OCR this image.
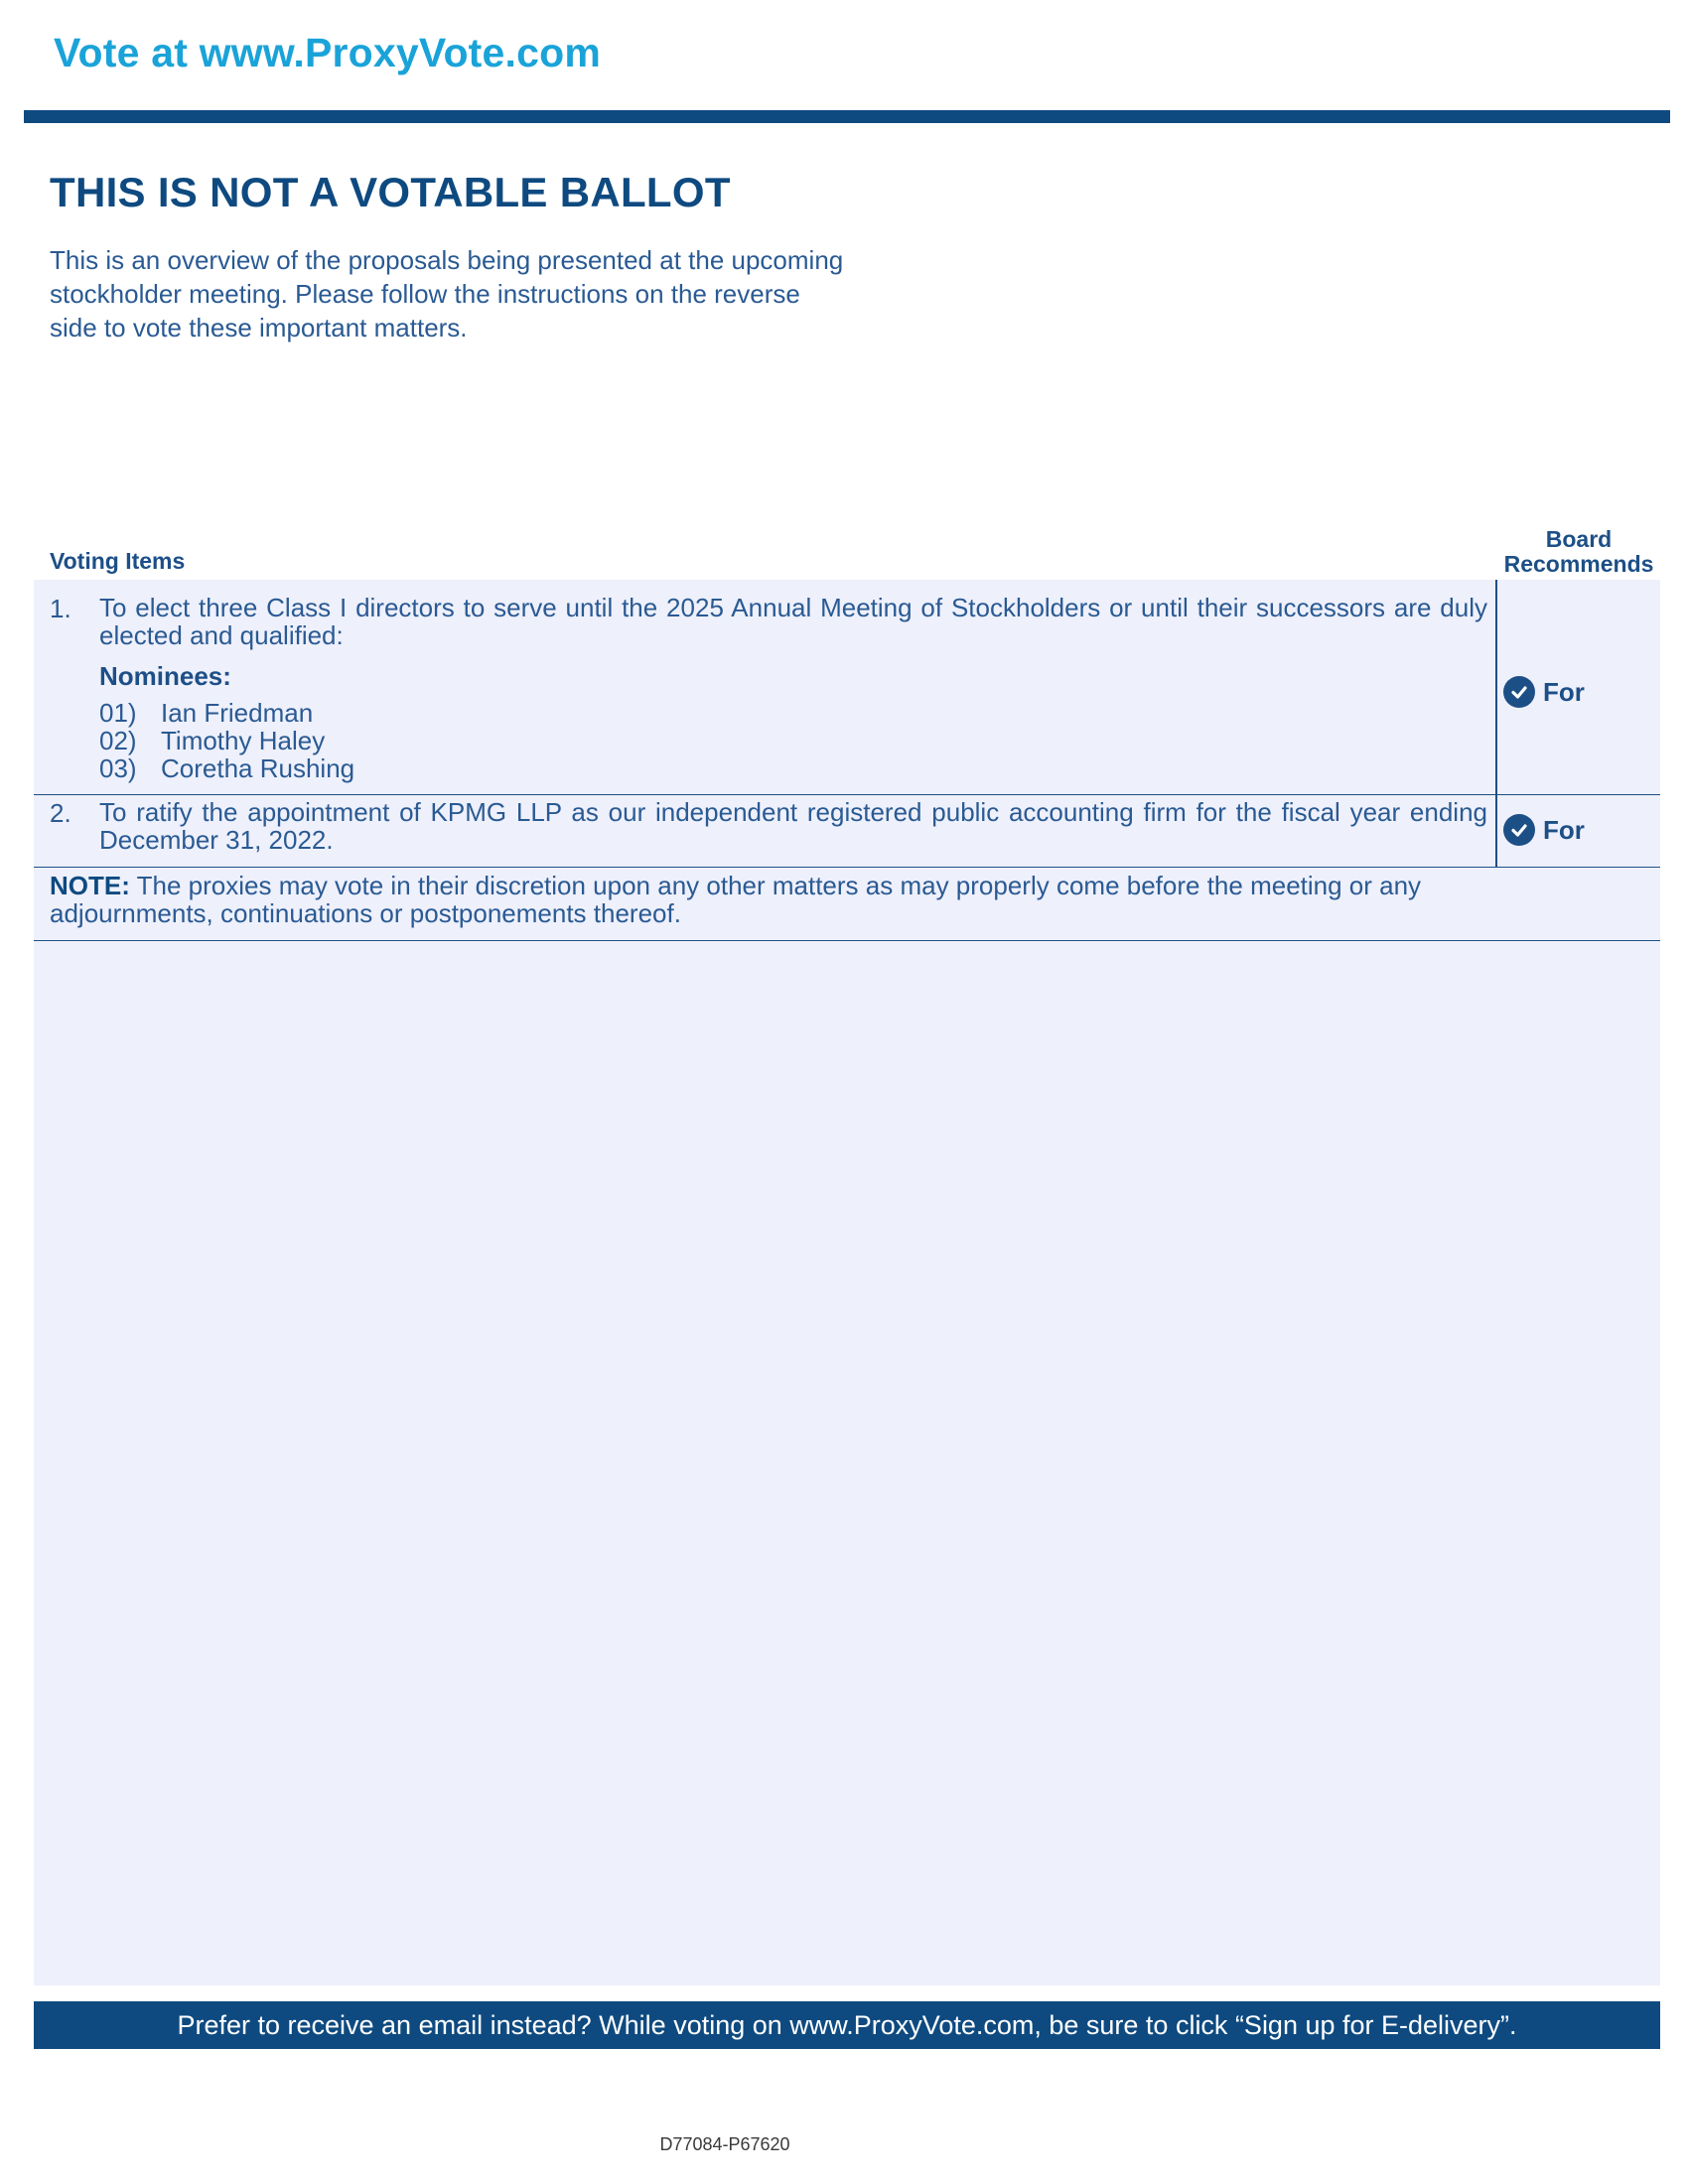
Vote at www.ProxyVote.com
THIS IS NOT A VOTABLE BALLOT

This is an overview of the proposals being presented at the upcoming stockholder meeting. Please follow the instructions on the reverse side to vote these important matters.

Voting Items
Board Recommends
1. To elect three Class I directors to serve until the 2025 Annual Meeting of Stockholders or until their successors are duly elected and qualified:

Nominees:
01) Ian Friedman
02) Timothy Haley
03) Coretha Rushing
For
2. To ratify the appointment of KPMG LLP as our independent registered public accounting firm for the fiscal year ending December 31, 2022.	For

NOTE: The proxies may vote in their discretion upon any other matters as may properly come before the meeting or any adjournments, continuations or postponements thereof.

Prefer to receive an email instead? While voting on www.ProxyVote.com, be sure to click “Sign up for E-delivery”.
D77084-P67620
